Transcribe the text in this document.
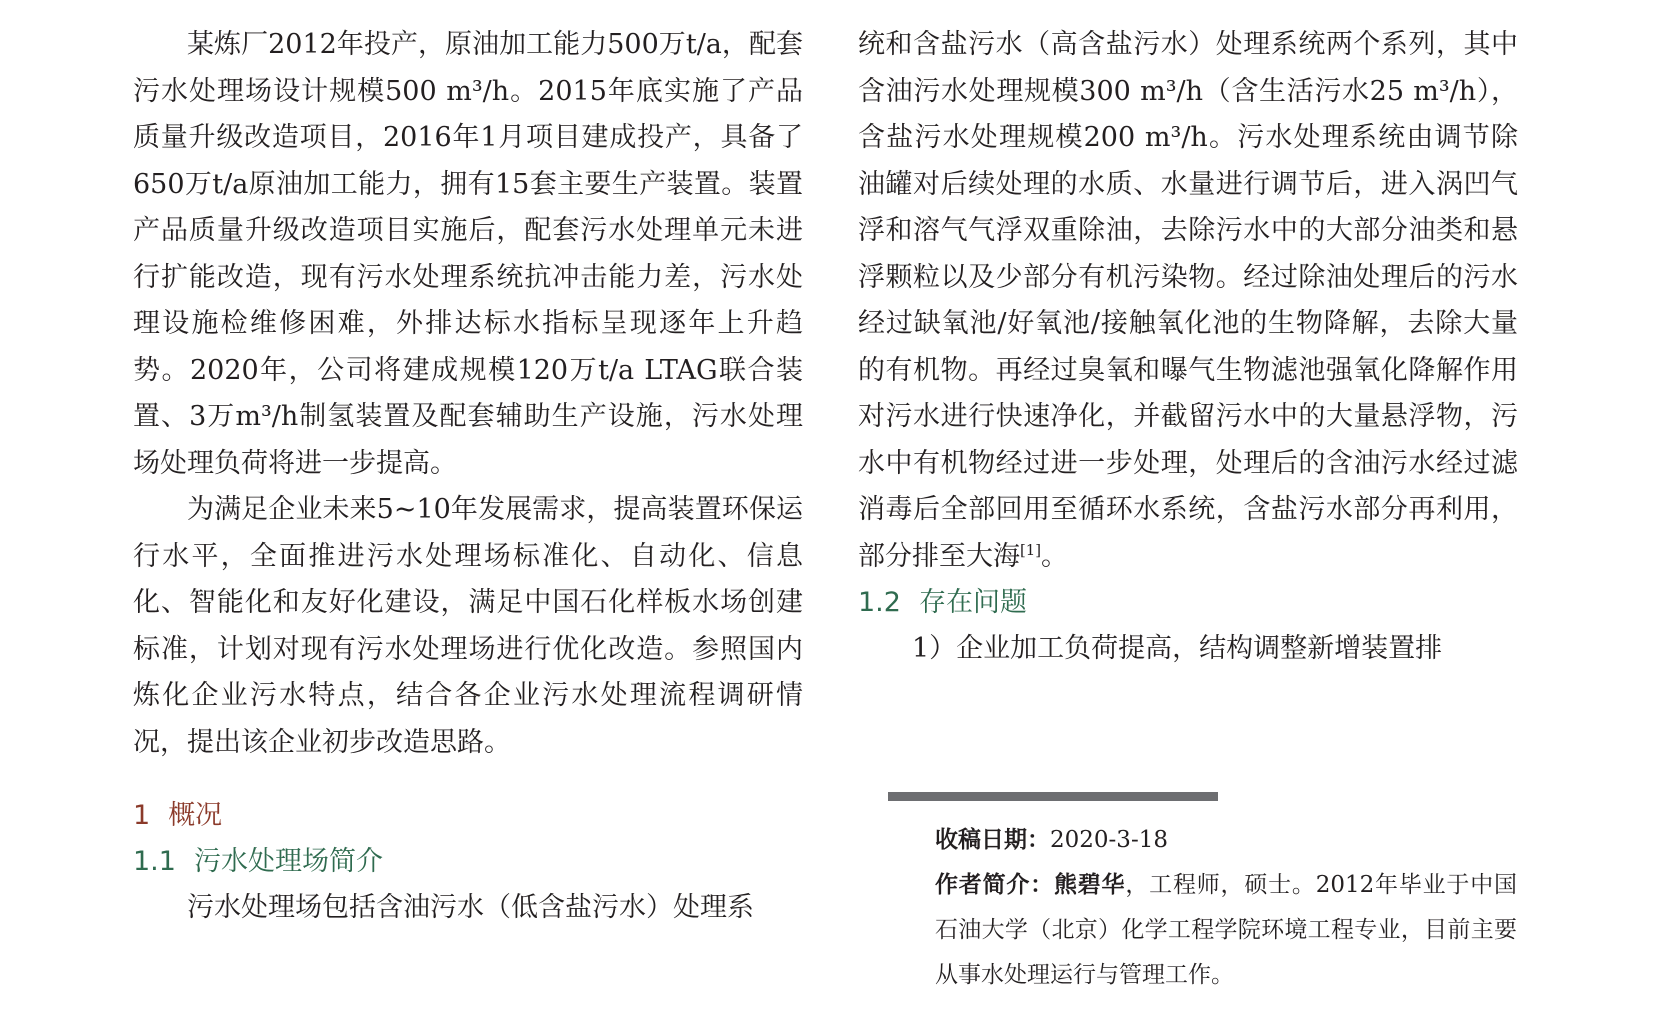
某炼厂2012年投产，原油加工能力500万t/a，配套污水处理场设计规模500 m³/h。2015年底实施了产品质量升级改造项目，2016年1月项目建成投产，具备了650万t/a原油加工能力，拥有15套主要生产装置。装置产品质量升级改造项目实施后，配套污水处理单元未进行扩能改造，现有污水处理系统抗冲击能力差，污水处理设施检维修困难，外排达标水指标呈现逐年上升趋势。2020年，公司将建成规模120万t/a LTAG联合装置、3万m³/h制氢装置及配套辅助生产设施，污水处理场处理负荷将进一步提高。

为满足企业未来5~10年发展需求，提高装置环保运行水平，全面推进污水处理场标准化、自动化、信息化、智能化和友好化建设，满足中国石化样板水场创建标准，计划对现有污水处理场进行优化改造。参照国内炼化企业污水特点，结合各企业污水处理流程调研情况，提出该企业初步改造思路。

1 概况
1.1 污水处理场简介

污水处理场包括含油污水（低含盐污水）处理系

统和含盐污水（高含盐污水）处理系统两个系列，其中含油污水处理规模300 m³/h（含生活污水25 m³/h），含盐污水处理规模200 m³/h。污水处理系统由调节除油罐对后续处理的水质、水量进行调节后，进入涡凹气浮和溶气气浮双重除油，去除污水中的大部分油类和悬浮颗粒以及少部分有机污染物。经过除油处理后的污水经过缺氧池/好氧池/接触氧化池的生物降解，去除大量的有机物。再经过臭氧和曝气生物滤池强氧化降解作用对污水进行快速净化，并截留污水中的大量悬浮物，污水中有机物经过进一步处理，处理后的含油污水经过滤消毒后全部回用至循环水系统，含盐污水部分再利用，部分排至大海[1]。

1.2 存在问题

1）企业加工负荷提高，结构调整新增装置排

收稿日期：2020-3-18

作者简介：熊碧华，工程师，硕士。2012年毕业于中国石油大学（北京）化学工程学院环境工程专业，目前主要从事水处理运行与管理工作。
